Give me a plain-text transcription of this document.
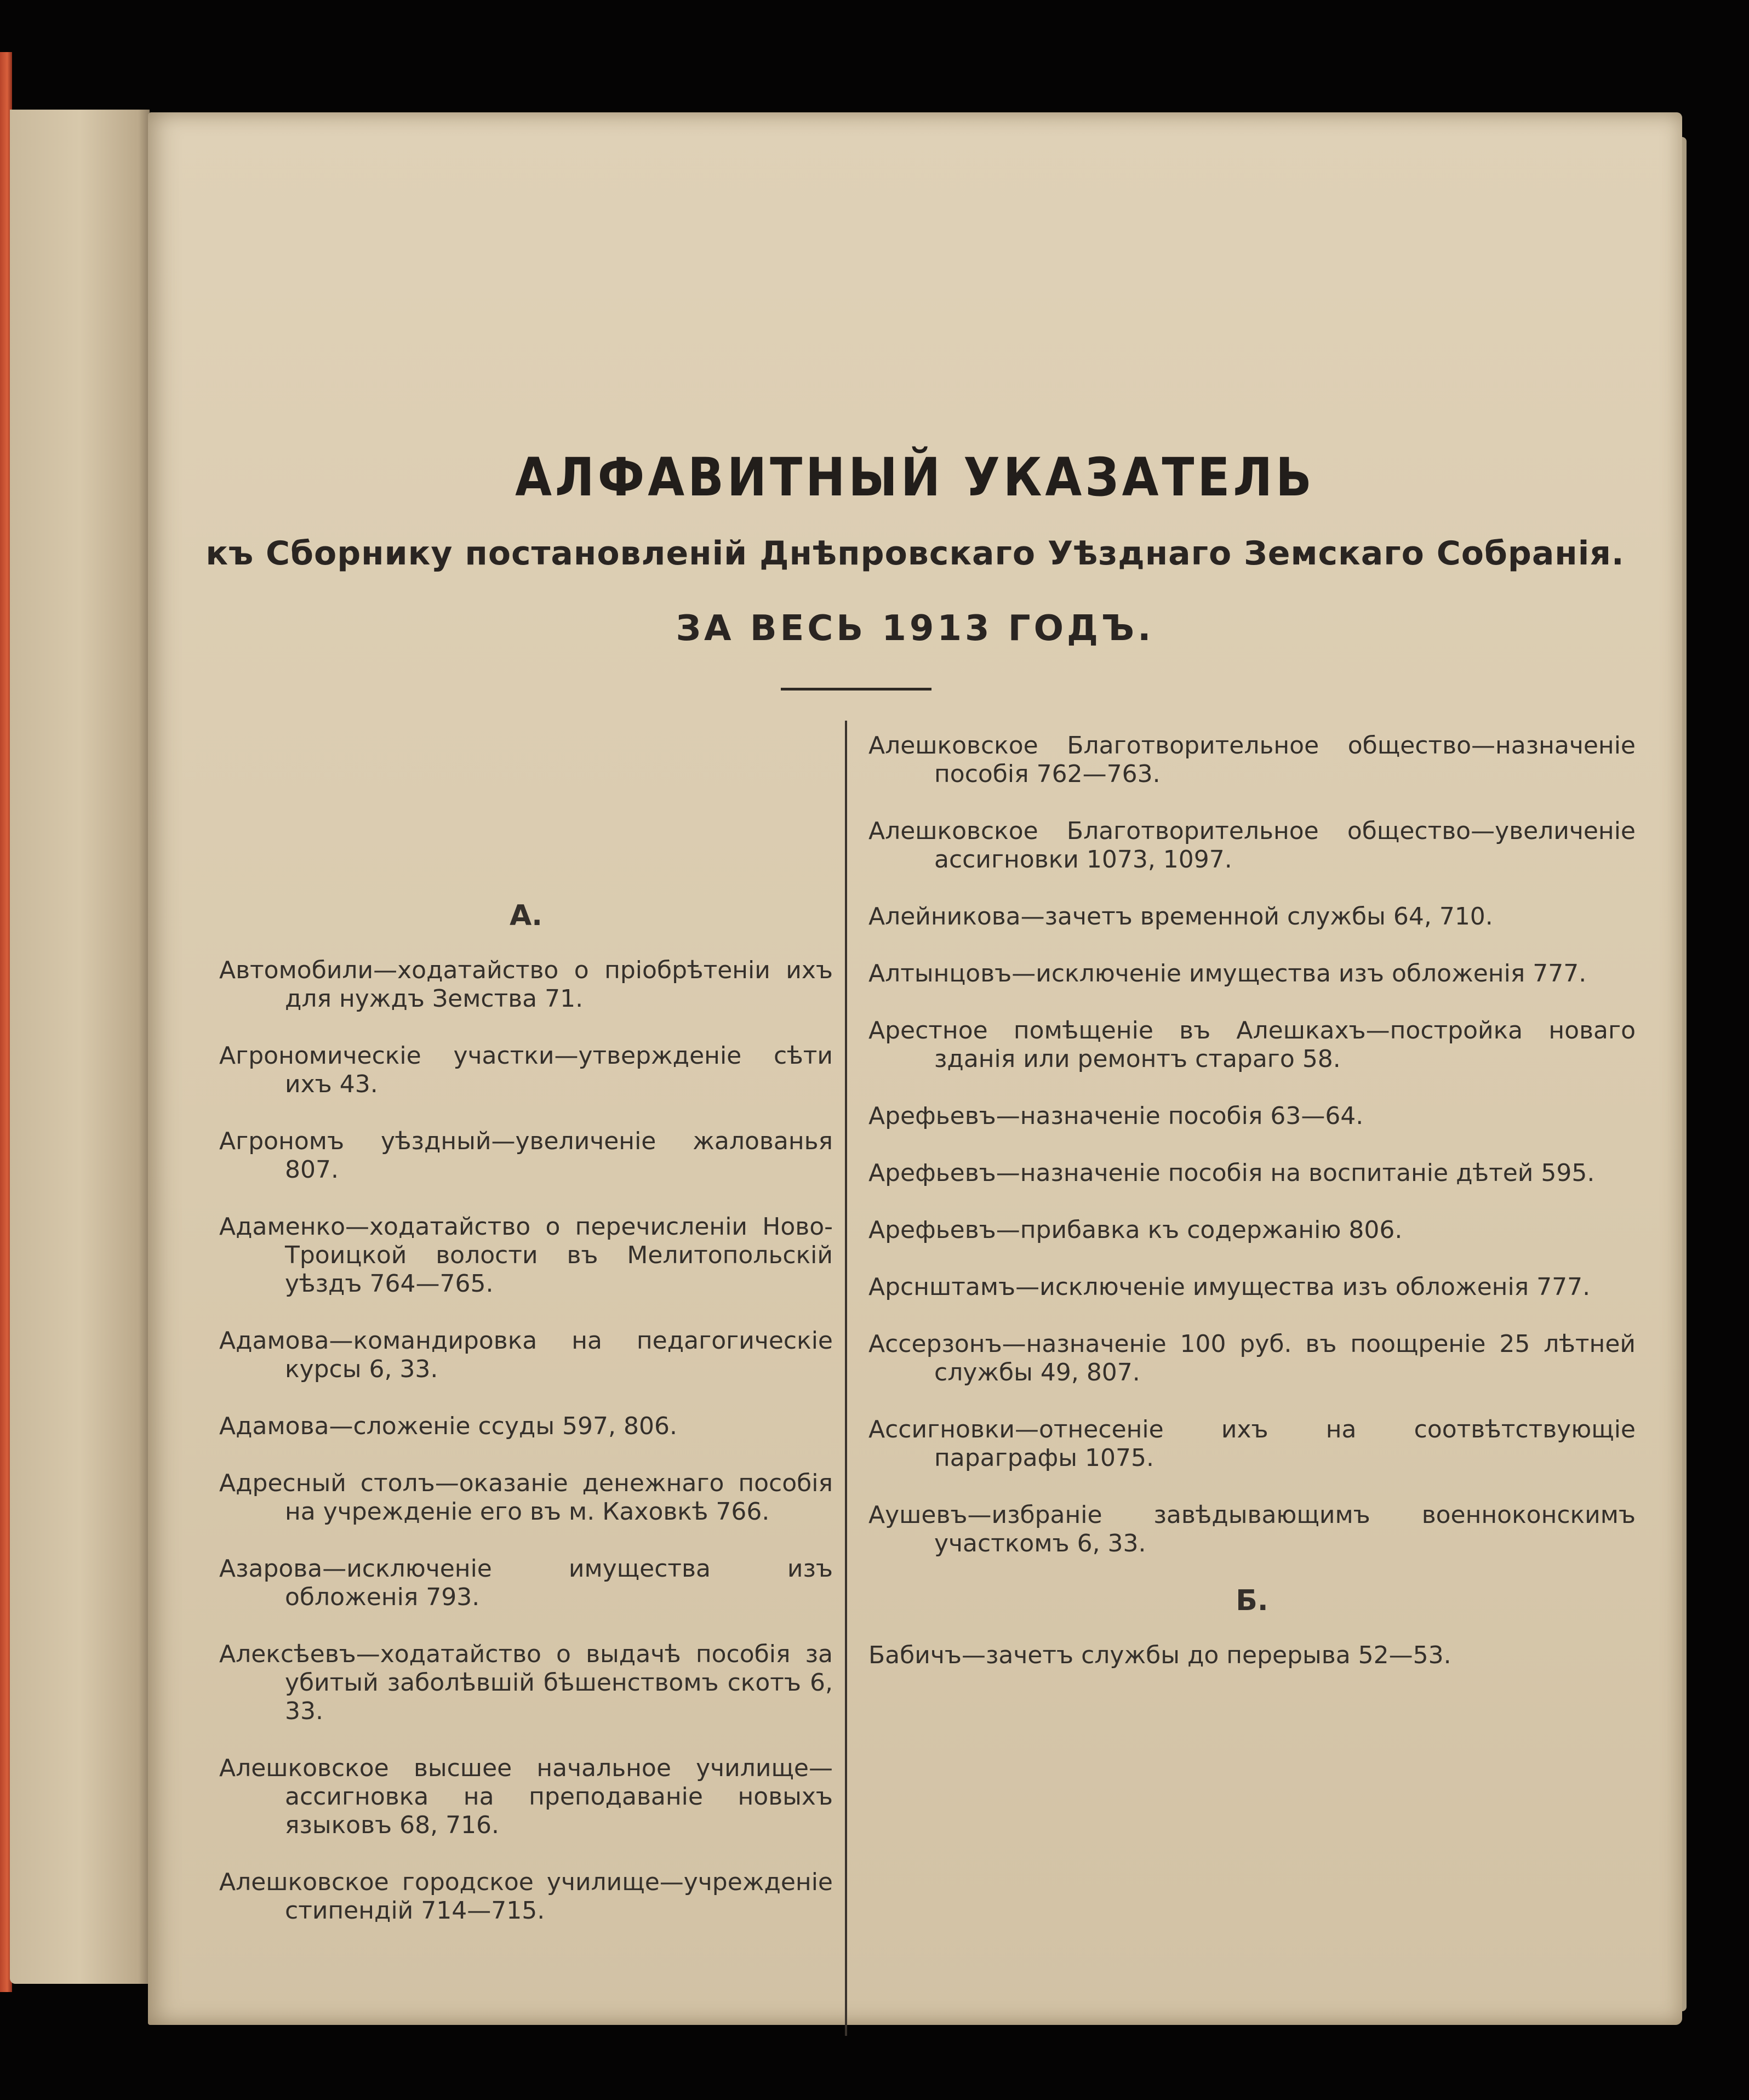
АЛФАВИТНЫЙ УКАЗАТЕЛЬ
къ Сборнику постановленій Днѣпровскаго Уѣзднаго Земскаго Собранія.
ЗА ВЕСЬ 1913 ГОДЪ.

А.

Автомобили—ходатайство о пріобрѣтеніи ихъ для нуждъ Земства 71.

Агрономическіе участки—утвержденіе сѣти ихъ 43.

Агрономъ уѣздный—увеличеніе жалованья 807.

Адаменко—ходатайство о перечисленіи Ново-Троицкой волости въ Мелитопольскій уѣздъ 764—765.

Адамова—командировка на педагогическіе курсы 6, 33.

Адамова—сложеніе ссуды 597, 806.

Адресный столъ—оказаніе денежнаго пособія на учрежденіе его въ м. Каховкѣ 766.

Азарова—исключеніе имущества изъ обложенія 793.

Алексѣевъ—ходатайство о выдачѣ пособія за убитый заболѣвшій бѣшенствомъ скотъ 6, 33.

Алешковское высшее начальное училище—ассигновка на преподаваніе новыхъ языковъ 68, 716.

Алешковское городское училище—учрежденіе стипендій 714—715.

Алешковское Благотворительное общество—назначеніе пособія 762—763.

Алешковское Благотворительное общество—увеличеніе ассигновки 1073, 1097.

Алейникова—зачетъ временной службы 64, 710.

Алтынцовъ—исключеніе имущества изъ обложенія 777.

Арестное помѣщеніе въ Алешкахъ—постройка новаго зданія или ремонтъ стараго 58.

Арефьевъ—назначеніе пособія 63—64.

Арефьевъ—назначеніе пособія на воспитаніе дѣтей 595.

Арефьевъ—прибавка къ содержанію 806.

Арснштамъ—исключеніе имущества изъ обложенія 777.

Ассерзонъ—назначеніе 100 руб. въ поощреніе 25 лѣтней службы 49, 807.

Ассигновки—отнесеніе ихъ на соотвѣтствующіе параграфы 1075.

Аушевъ—избраніе завѣдывающимъ военноконскимъ участкомъ 6, 33.

Б.

Бабичъ—зачетъ службы до перерыва 52—53.
